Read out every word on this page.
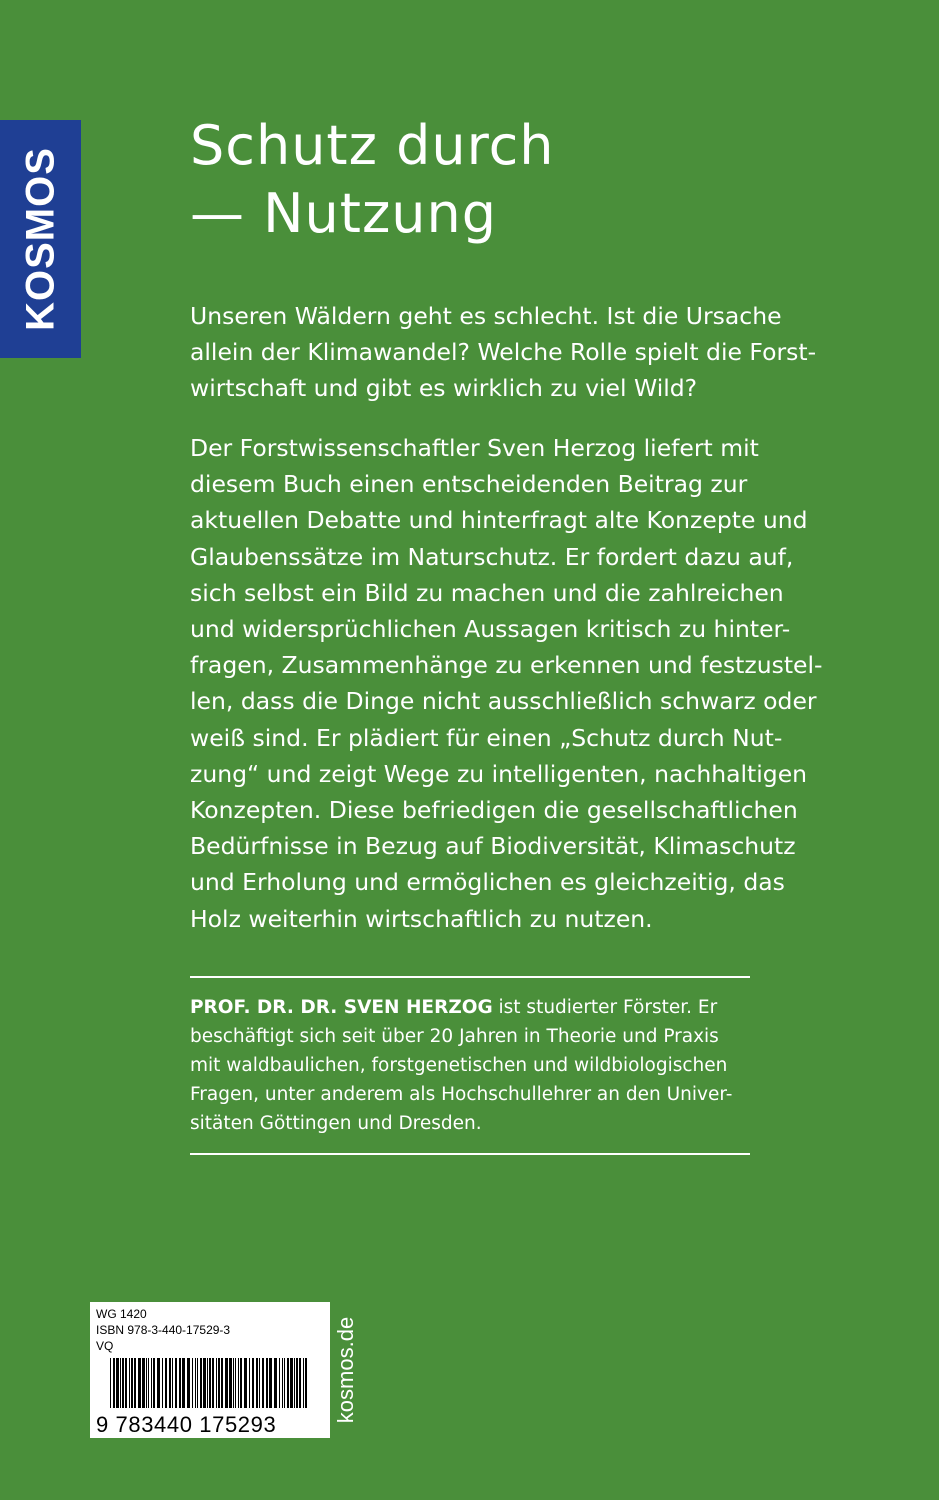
KOSMOS
Schutz durch
— Nutzung
Unseren Wäldern geht es schlecht. Ist die Ursache
allein der Klimawandel? Welche Rolle spielt die Forst-
wirtschaft und gibt es wirklich zu viel Wild?
Der Forstwissenschaftler Sven Herzog liefert mit
diesem Buch einen entscheidenden Beitrag zur
aktuellen Debatte und hinterfragt alte Konzepte und
Glaubenssätze im Naturschutz. Er fordert dazu auf,
sich selbst ein Bild zu machen und die zahlreichen
und widersprüchlichen Aussagen kritisch zu hinter-
fragen, Zusammenhänge zu erkennen und festzustel-
len, dass die Dinge nicht ausschließlich schwarz oder
weiß sind. Er plädiert für einen „Schutz durch Nut-
zung“ und zeigt Wege zu intelligenten, nachhaltigen
Konzepten. Diese befriedigen die gesellschaftlichen
Bedürfnisse in Bezug auf Biodiversität, Klimaschutz
und Erholung und ermöglichen es gleichzeitig, das
Holz weiterhin wirtschaftlich zu nutzen.
PROF. DR. DR. SVEN HERZOG ist studierter Förster. Er
beschäftigt sich seit über 20 Jahren in Theorie und Praxis
mit waldbaulichen, forstgenetischen und wildbiologischen
Fragen, unter anderem als Hochschullehrer an den Univer-
sitäten Göttingen und Dresden.
WG 1420
ISBN 978-3-440-17529-3
VQ
9 783440 175293
kosmos.de
